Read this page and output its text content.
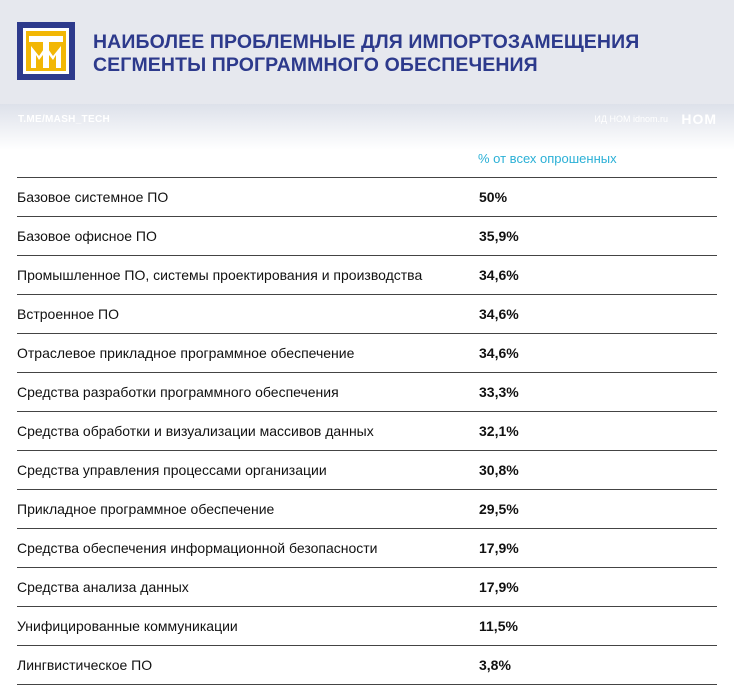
НАИБОЛЕЕ ПРОБЛЕМНЫЕ ДЛЯ ИМПОРТОЗАМЕЩЕНИЯ
СЕГМЕНТЫ ПРОГРАММНОГО ОБЕСПЕЧЕНИЯ
T.ME/MASH_TECH	ИД НОМ idnom.ru НОМ
% от всех опрошенных
Базовое системное ПО	50%
Базовое офисное ПО	35,9%
Промышленное ПО, системы проектирования и производства	34,6%
Встроенное ПО	34,6%
Отраслевое прикладное программное обеспечение	34,6%
Средства разработки программного обеспечения	33,3%
Средства обработки и визуализации массивов данных	32,1%
Средства управления процессами организации	30,8%
Прикладное программное обеспечение	29,5%
Средства обеспечения информационной безопасности	17,9%
Средства анализа данных	17,9%
Унифицированные коммуникации	11,5%
Лингвистическое ПО	3,8%
